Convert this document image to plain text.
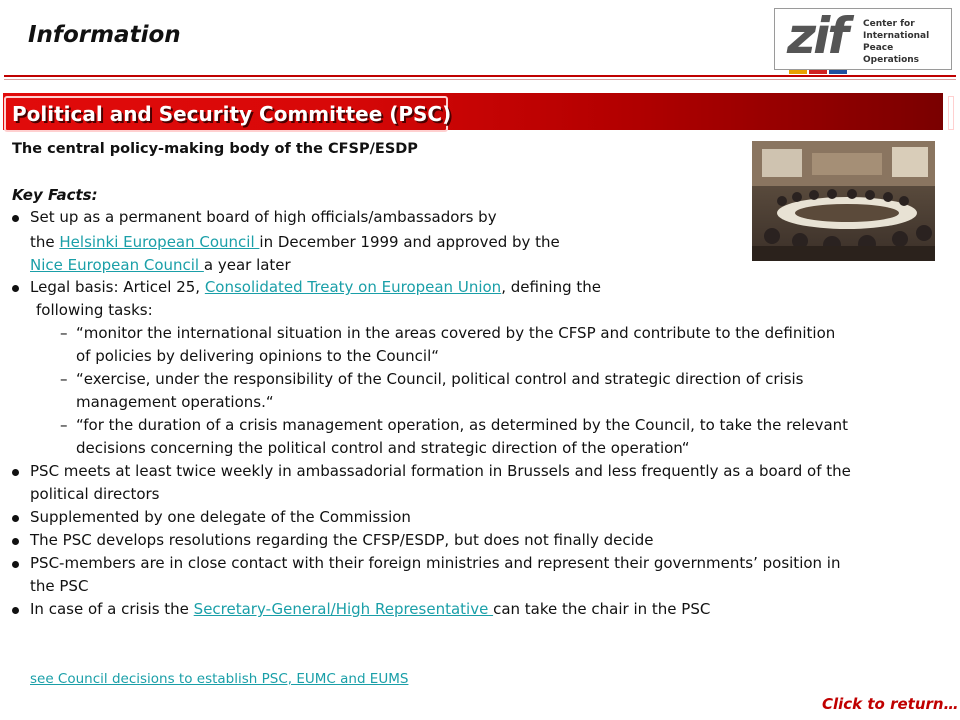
Information	zif Center for
International
Peace Operations
Political and Security Committee (PSC)
The central policy-making body of the CFSP/ESDP
Key Facts:
Set up as a permanent board of high officials/ambassadors by
the Helsinki European Council in December 1999 and approved by the
Nice European Council a year later
Legal basis: Articel 25, Consolidated Treaty on European Union, defining the
following tasks:
– “monitor the international situation in the areas covered by the CFSP and contribute to the definition
of policies by delivering opinions to the Council“
– “exercise, under the responsibility of the Council, political control and strategic direction of crisis
management operations.“
– “for the duration of a crisis management operation, as determined by the Council, to take the relevant
decisions concerning the political control and strategic direction of the operation“
PSC meets at least twice weekly in ambassadorial formation in Brussels and less frequently as a board of the
political directors
Supplemented by one delegate of the Commission
The PSC develops resolutions regarding the CFSP/ESDP, but does not finally decide
PSC-members are in close contact with their foreign ministries and represent their governments’ position in
the PSC
In case of a crisis the Secretary-General/High Representative can take the chair in the PSC
see Council decisions to establish PSC, EUMC and EUMS
Click to return…
